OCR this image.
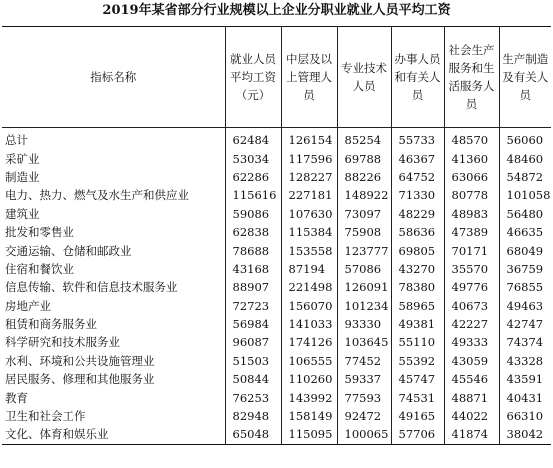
2019年某省部分行业规模以上企业分职业就业人员平均工资
指标名称	就业人员平均工资（元）	中层及以上管理人员	专业技术人员	办事人员和有关人员	社会生产服务和生活服务人员	生产制造及有关人员
总计	62484	126154	85254	55733	48570	56060
采矿业	53034	117596	69788	46367	41360	48460
制造业	62286	128227	88226	64752	63066	54872
电力、热力、燃气及水生产和供应业	115616	227181	148922	71330	80778	101058
建筑业	59086	107630	73097	48229	48983	56480
批发和零售业	62838	115384	75908	58636	47389	46635
交通运输、仓储和邮政业	78688	153558	123777	69805	70171	68049
住宿和餐饮业	43168	87194	57086	43270	35570	36759
信息传输、软件和信息技术服务业	88907	221498	126091	78380	49776	76855
房地产业	72723	156070	101234	58965	40673	49463
租赁和商务服务业	56984	141033	93330	49381	42227	42747
科学研究和技术服务业	96087	174126	103645	55110	49333	74374
水利、环境和公共设施管理业	51503	106555	77452	55392	43059	43328
居民服务、修理和其他服务业	50844	110260	59337	45747	45546	43591
教育	76253	143992	77593	74531	48871	40431
卫生和社会工作	82948	158149	92472	49165	44022	66310
文化、体育和娱乐业	65048	115095	100065	57706	41874	38042
